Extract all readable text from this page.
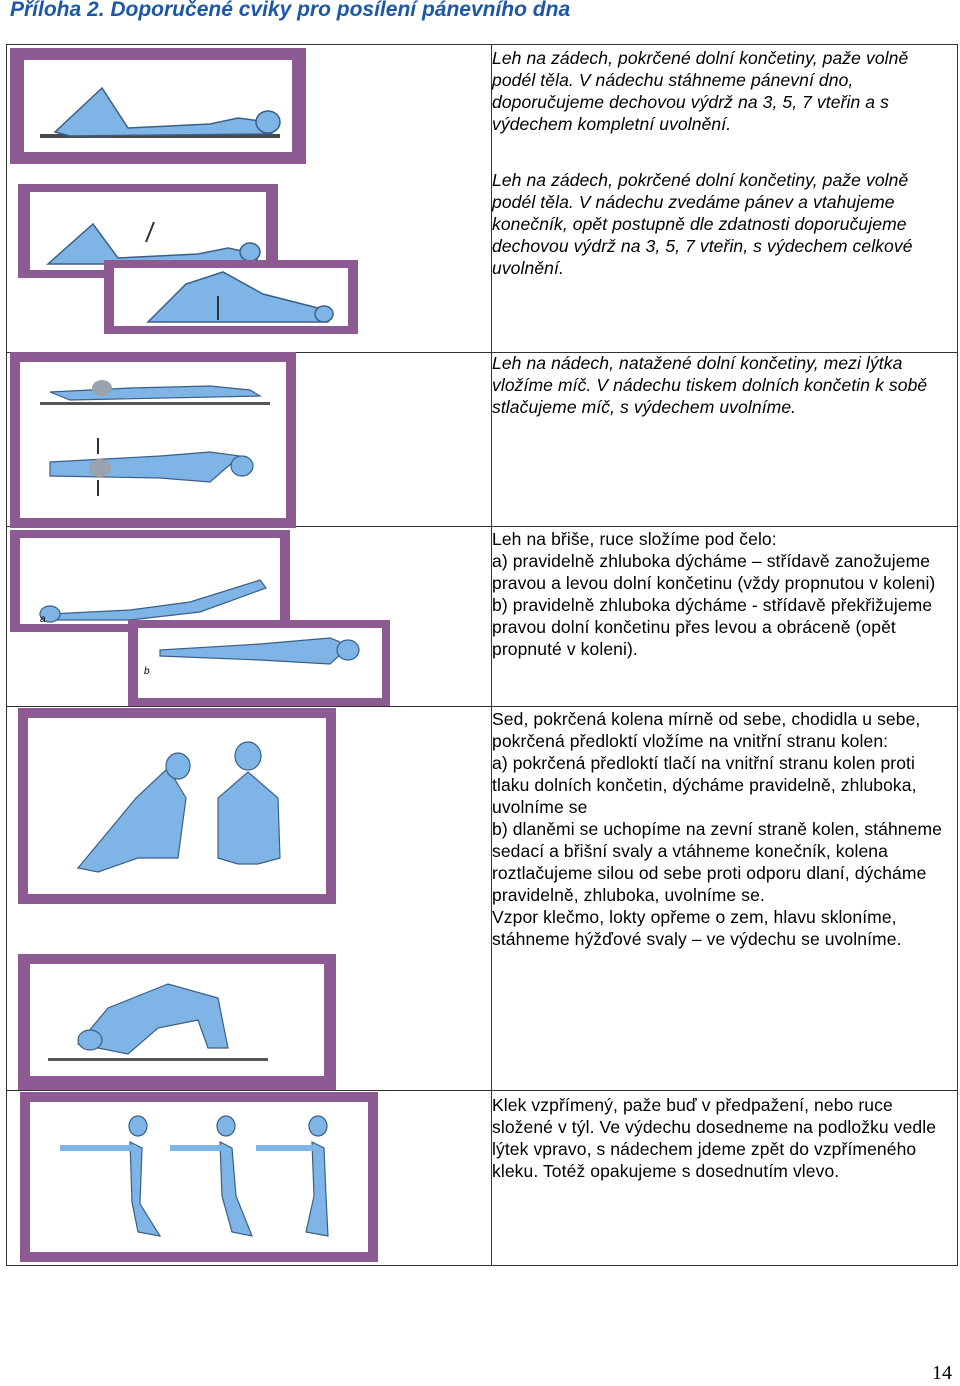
Příloha 2. Doporučené cviky pro posílení pánevního dna

Leh na zádech, pokrčené dolní končetiny, paže volně podél těla. V nádechu stáhneme pánevní dno, doporučujeme dechovou výdrž na 3, 5, 7 vteřin a s výdechem kompletní uvolnění.

Leh na zádech, pokrčené dolní končetiny, paže volně podél těla. V nádechu zvedáme pánev a vtahujeme konečník, opět postupně dle zdatnosti doporučujeme dechovou výdrž na 3, 5, 7 vteřin, s výdechem celkové uvolnění.

Leh na nádech, natažené dolní končetiny, mezi lýtka vložíme míč. V nádechu tiskem dolních končetin k sobě stlačujeme míč, s výdechem uvolníme.

Leh na břiše, ruce složíme pod čelo:

a) pravidelně zhluboka dýcháme – střídavě zanožujeme pravou a levou dolní končetinu (vždy propnutou v koleni)

b) pravidelně zhluboka dýcháme - střídavě překřižujeme pravou dolní končetinu přes levou a obráceně (opět propnuté v koleni).

Sed, pokrčená kolena mírně od sebe, chodidla u sebe, pokrčená předloktí vložíme na vnitřní stranu kolen:

a) pokrčená předloktí tlačí na vnitřní stranu kolen proti tlaku dolních končetin, dýcháme pravidelně, zhluboka, uvolníme se

b) dlaněmi se uchopíme na zevní straně kolen, stáhneme sedací a břišní svaly a vtáhneme konečník, kolena roztlačujeme silou od sebe proti odporu dlaní, dýcháme pravidelně, zhluboka, uvolníme se.

Vzpor klečmo, lokty opřeme o zem, hlavu skloníme, stáhneme hýžďové svaly – ve výdechu se uvolníme.

Klek vzpřímený, paže buď v předpažení, nebo ruce složené v týl. Ve výdechu dosedneme na podložku vedle lýtek vpravo, s nádechem jdeme zpět do vzpřímeného kleku. Totéž opakujeme s dosednutím vlevo.

a
b
14
